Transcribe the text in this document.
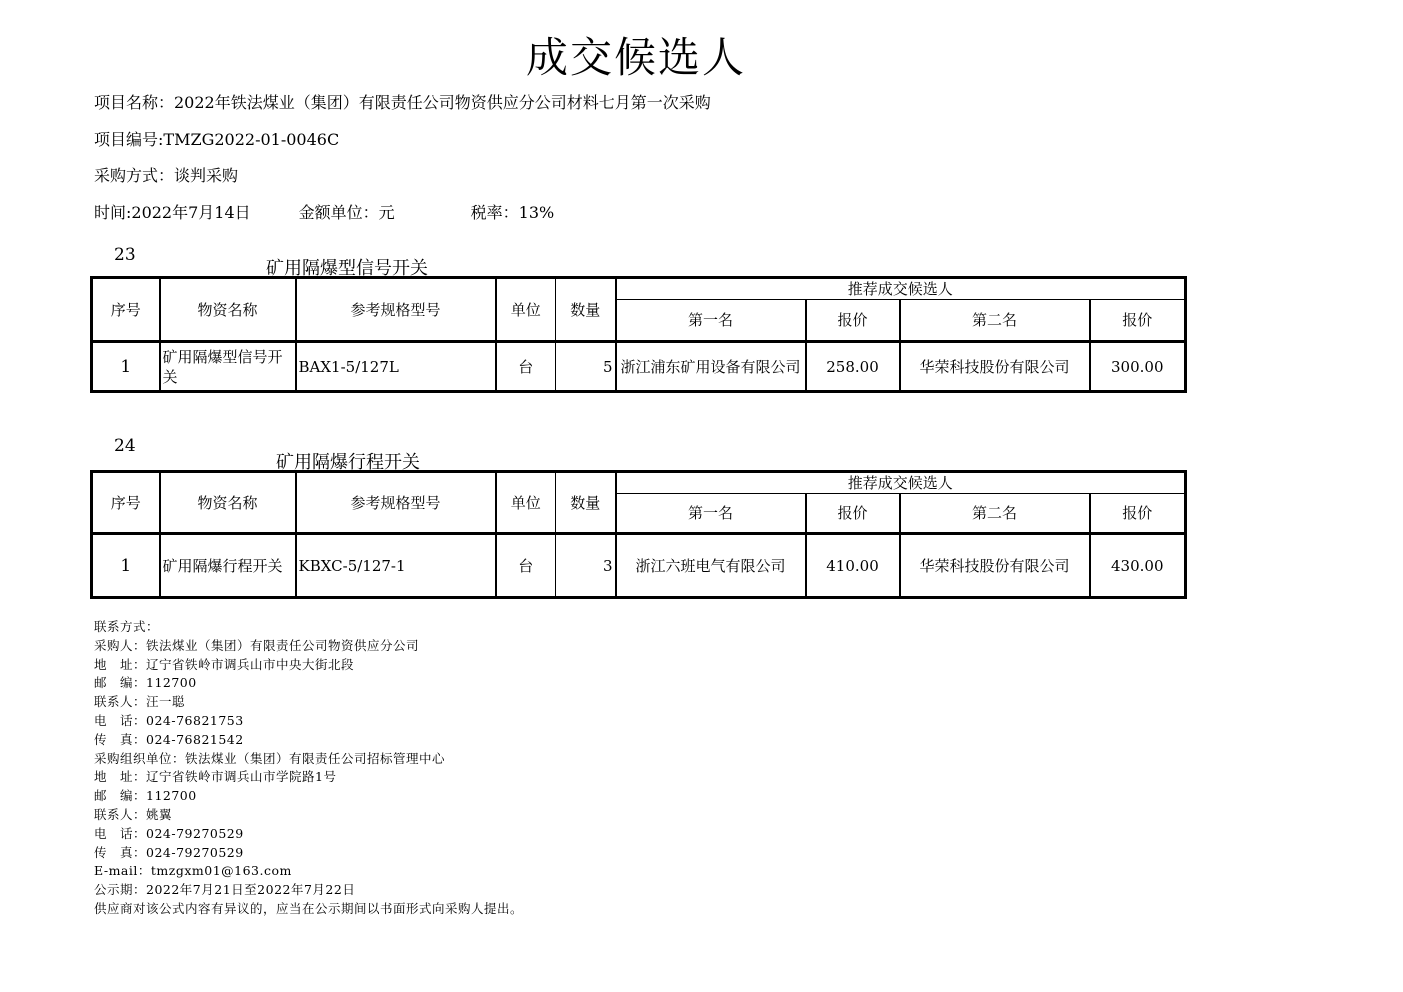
成交候选人
项目名称：2022年铁法煤业（集团）有限责任公司物资供应分公司材料七月第一次采购
项目编号:TMZG2022-01-0046C
采购方式：谈判采购
时间:2022年7月14日	金额单位：元	税率：13%
23
矿用隔爆型信号开关
序号	物资名称	参考规格型号	单位	数量	推荐成交候选人			
					第一名	报价	第二名	报价
1	矿用隔爆型信号开关	BAX1-5/127L	台	5	浙江浦东矿用设备有限公司	258.00	华荣科技股份有限公司	300.00
24
矿用隔爆行程开关
序号	物资名称	参考规格型号	单位	数量	推荐成交候选人			
					第一名	报价	第二名	报价
1	矿用隔爆行程开关	KBXC-5/127-1	台	3	浙江六班电气有限公司	410.00	华荣科技股份有限公司	430.00
联系方式：
采购人：铁法煤业（集团）有限责任公司物资供应分公司
地　址：辽宁省铁岭市调兵山市中央大街北段
邮　编：112700
联系人：汪一聪
电　话：024-76821753
传　真：024-76821542
采购组织单位：铁法煤业（集团）有限责任公司招标管理中心
地　址：辽宁省铁岭市调兵山市学院路1号
邮　编：112700
联系人：姚翼
电　话：024-79270529
传　真：024-79270529
E-mail：tmzgxm01@163.com
公示期：2022年7月21日至2022年7月22日
供应商对该公式内容有异议的，应当在公示期间以书面形式向采购人提出。
